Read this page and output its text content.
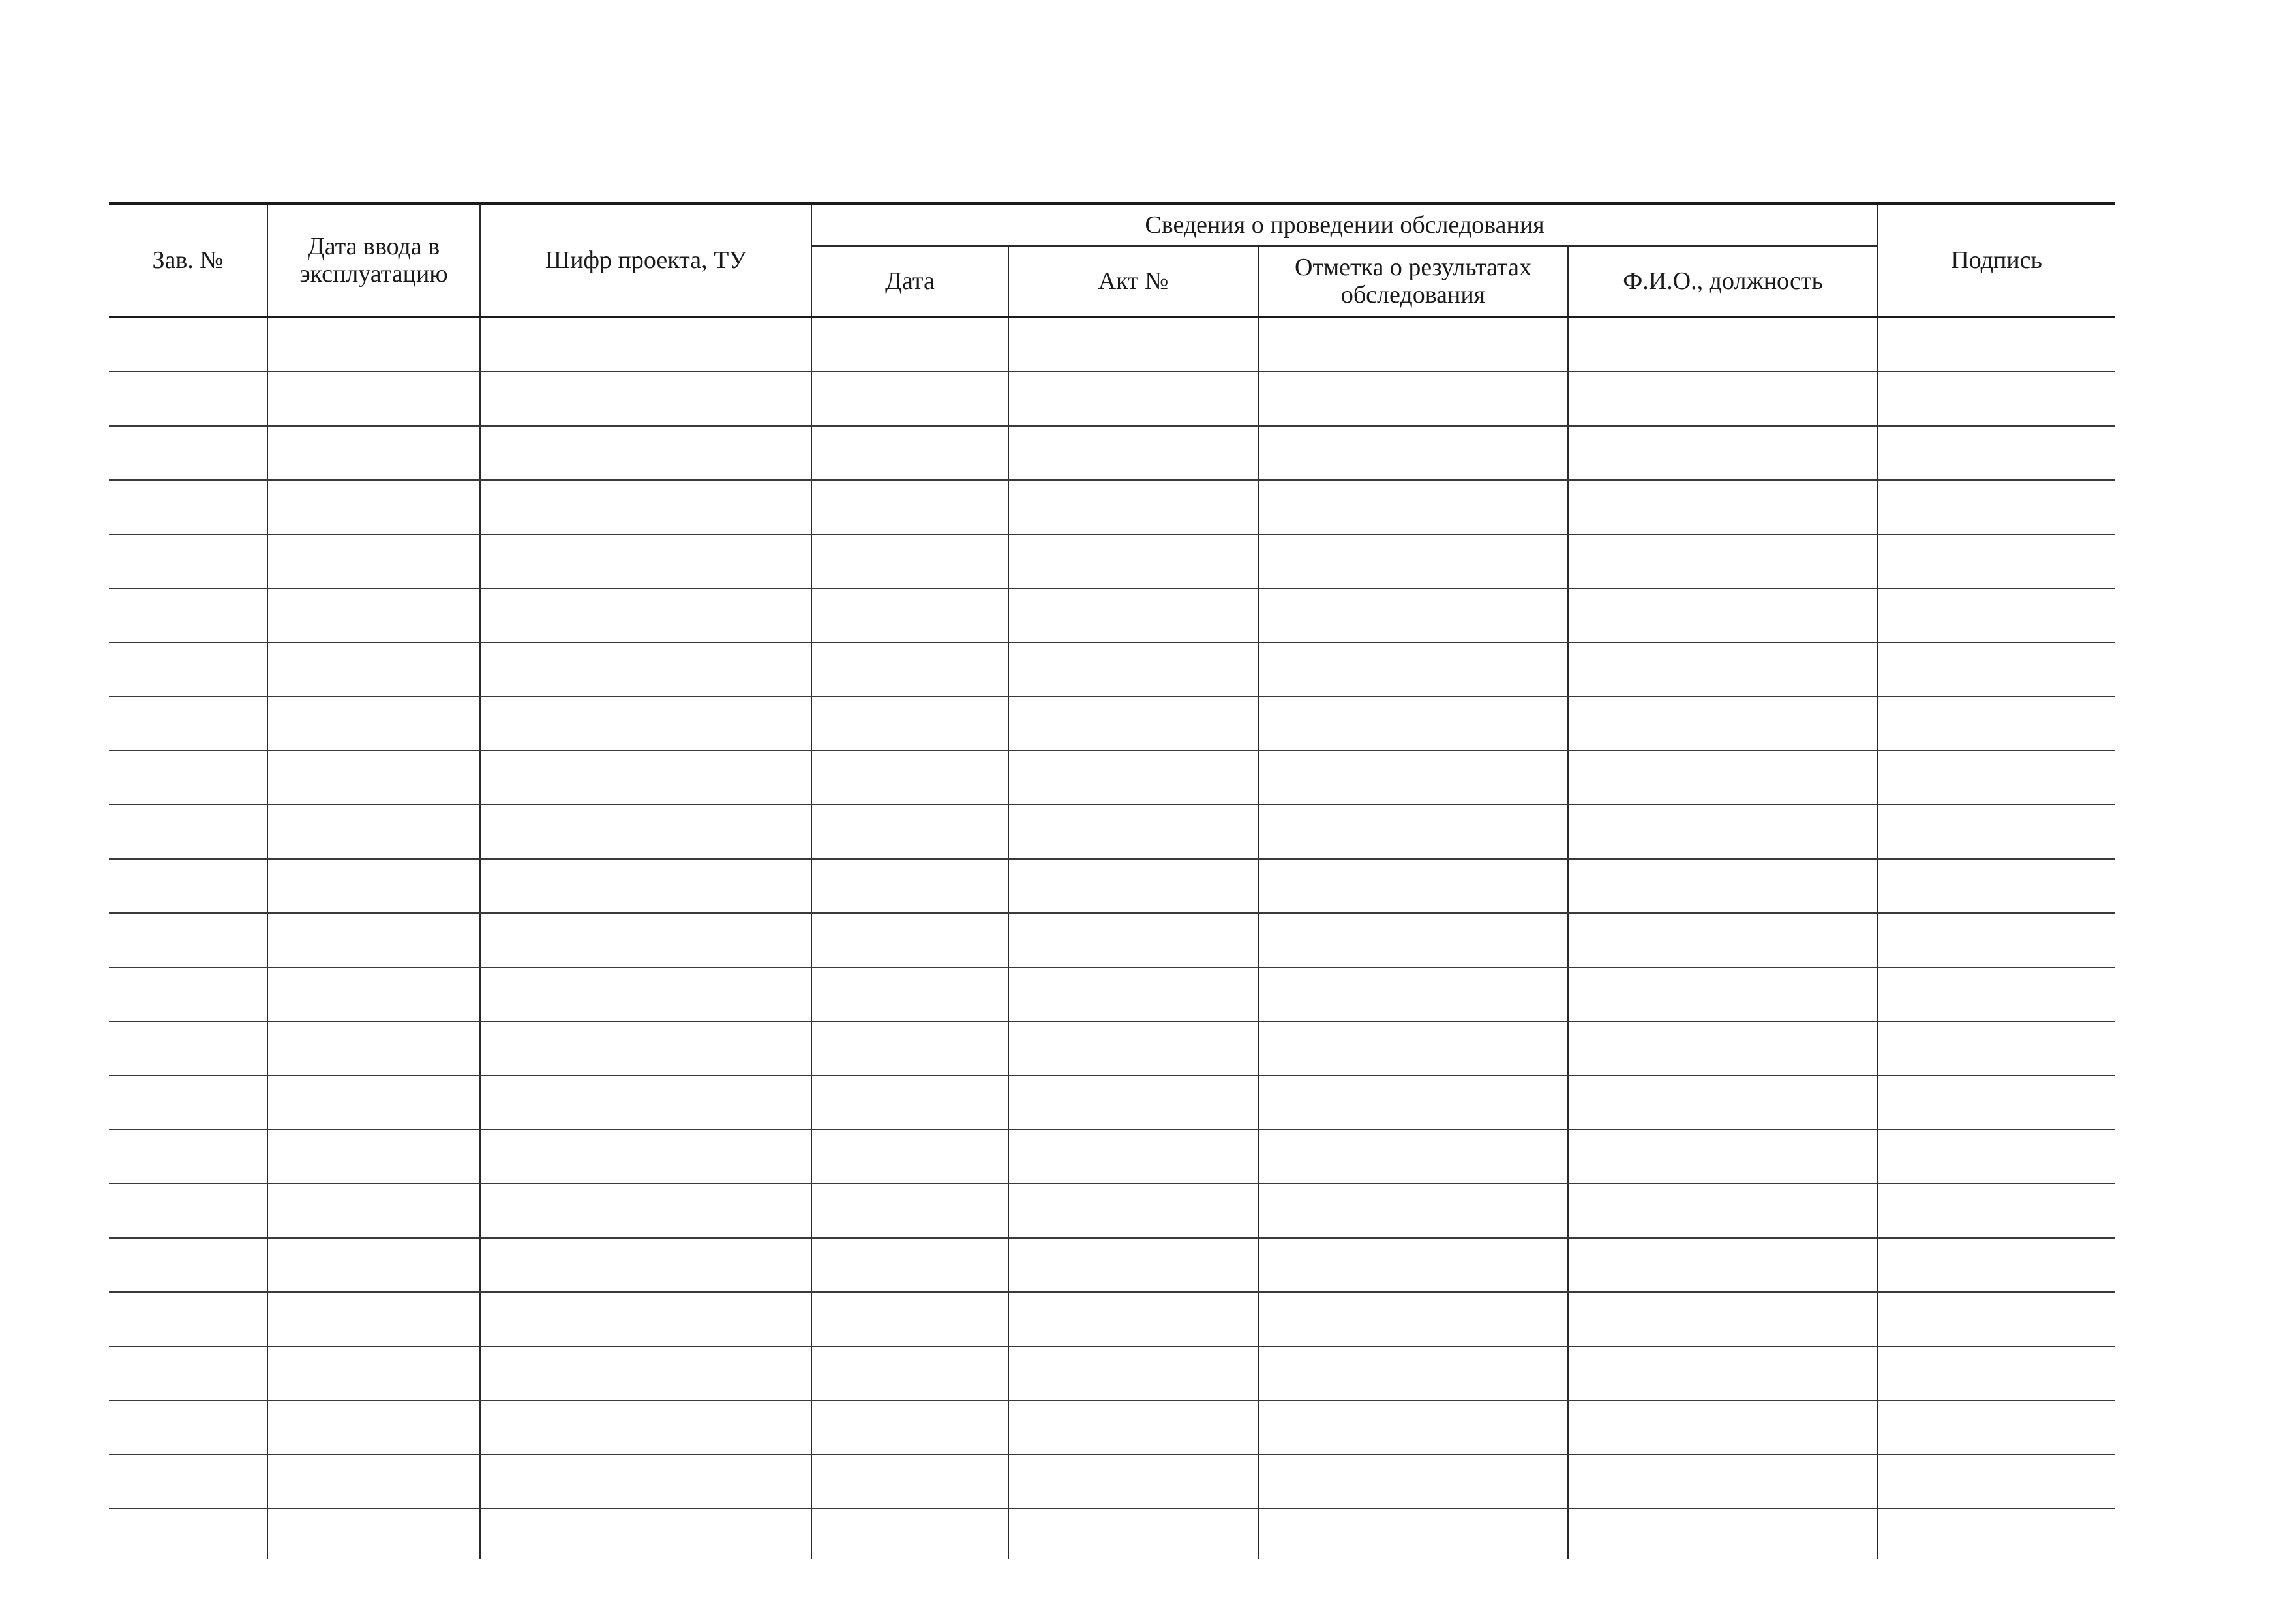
Зав. №	Дата ввода в эксплуатацию	Шифр проекта, ТУ	Сведения о проведении обследования				Подпись
			Дата	Акт №	Отметка о результатах обследования	Ф.И.О., должность	
